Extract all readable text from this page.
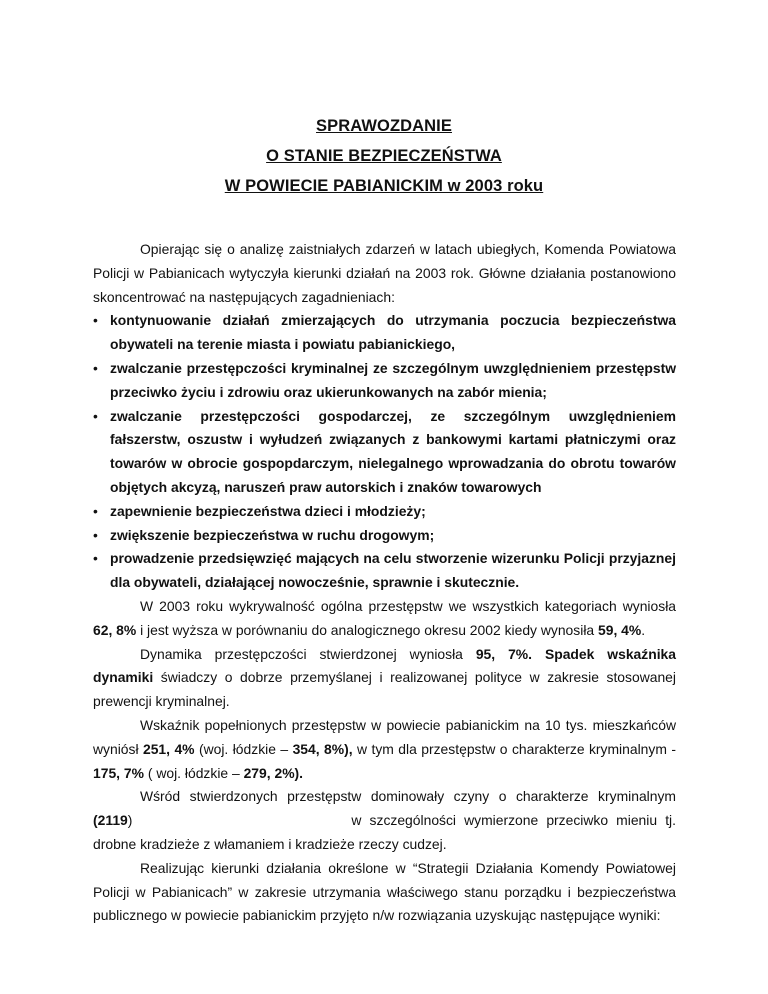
SPRAWOZDANIE
O STANIE BEZPIECZEŃSTWA
W POWIECIE PABIANICKIM w 2003 roku

Opierając się o analizę zaistniałych zdarzeń w latach ubiegłych, Komenda Powiatowa Policji w Pabianicach wytyczyła kierunki działań na 2003 rok. Główne działania postanowiono skoncentrować na następujących zagadnieniach:

• kontynuowanie działań zmierzających do utrzymania poczucia bezpieczeństwa obywateli na terenie miasta i powiatu pabianickiego,
• zwalczanie przestępczości kryminalnej ze szczególnym uwzględnieniem przestępstw przeciwko życiu i zdrowiu oraz ukierunkowanych na zabór mienia;
• zwalczanie przestępczości gospodarczej, ze szczególnym uwzględnieniem fałszerstw, oszustw i wyłudzeń związanych z bankowymi kartami płatniczymi oraz towarów w obrocie gospopdarczym, nielegalnego wprowadzania do obrotu towarów objętych akcyzą, naruszeń praw autorskich i znaków towarowych
• zapewnienie bezpieczeństwa dzieci i młodzieży;
• zwiększenie bezpieczeństwa w ruchu drogowym;
• prowadzenie przedsięwzięć mających na celu stworzenie wizerunku Policji przyjaznej dla obywateli, działającej nowocześnie, sprawnie i skutecznie.

W 2003 roku wykrywalność ogólna przestępstw we wszystkich kategoriach wyniosła 62, 8% i jest wyższa w porównaniu do analogicznego okresu 2002 kiedy wynosiła 59, 4%.

Dynamika przestępczości stwierdzonej wyniosła 95, 7%. Spadek wskaźnika dynamiki świadczy o dobrze przemyślanej i realizowanej polityce w zakresie stosowanej prewencji kryminalnej.

Wskaźnik popełnionych przestępstw w powiecie pabianickim na 10 tys. mieszkańców wyniósł 251, 4% (woj. łódzkie – 354, 8%), w tym dla przestępstw o charakterze kryminalnym - 175, 7% ( woj. łódzkie – 279, 2%).

Wśród stwierdzonych przestępstw dominowały czyny o charakterze kryminalnym (2119)	w szczególności wymierzone przeciwko mieniu tj. drobne kradzieże z włamaniem i kradzieże rzeczy cudzej.

Realizując kierunki działania określone w “Strategii Działania Komendy Powiatowej Policji w Pabianicach” w zakresie utrzymania właściwego stanu porządku i bezpieczeństwa publicznego w powiecie pabianickim przyjęto n/w rozwiązania uzyskując następujące wyniki:
